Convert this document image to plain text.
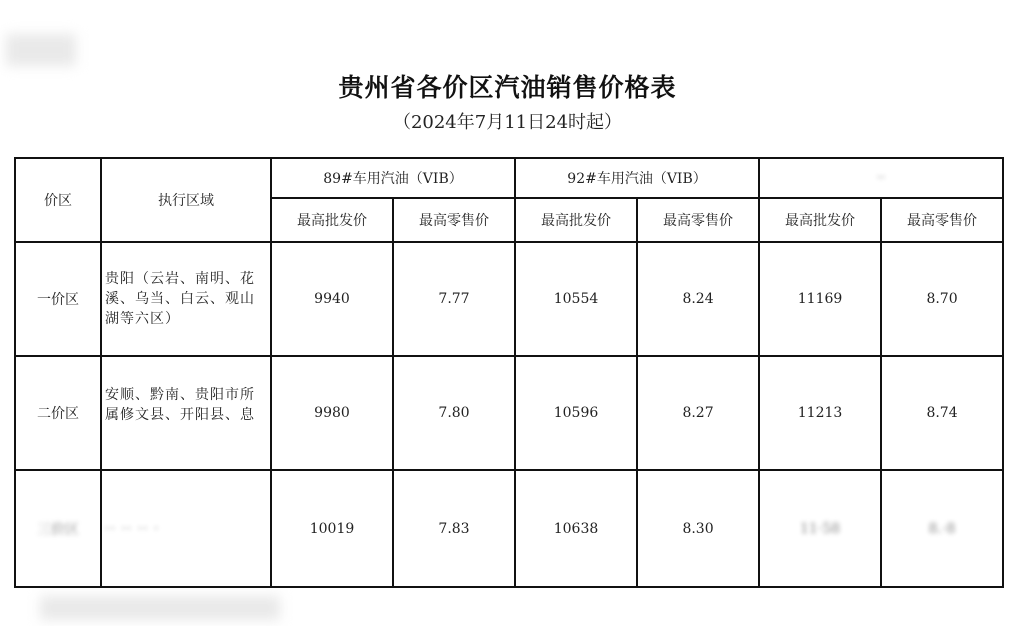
贵州省各价区汽油销售价格表
（2024年7月11日24时起）
价区	执行区域	89#车用汽油（VIB）		92#车用汽油（VIB）		··	
		最高批发价	最高零售价	最高批发价	最高零售价	最高批发价	最高零售价
一价区	贵阳（云岩、南明、花溪、乌当、白云、观山湖等六区）	9940	7.77	10554	8.24	11169	8.70
二价区	安顺、黔南、贵阳市所属修文县、开阳县、息	9980	7.80	10596	8.27	11213	8.74
三价区	·· ·· ·· ·	10019	7.83	10638	8.30	11·58	8.·8
